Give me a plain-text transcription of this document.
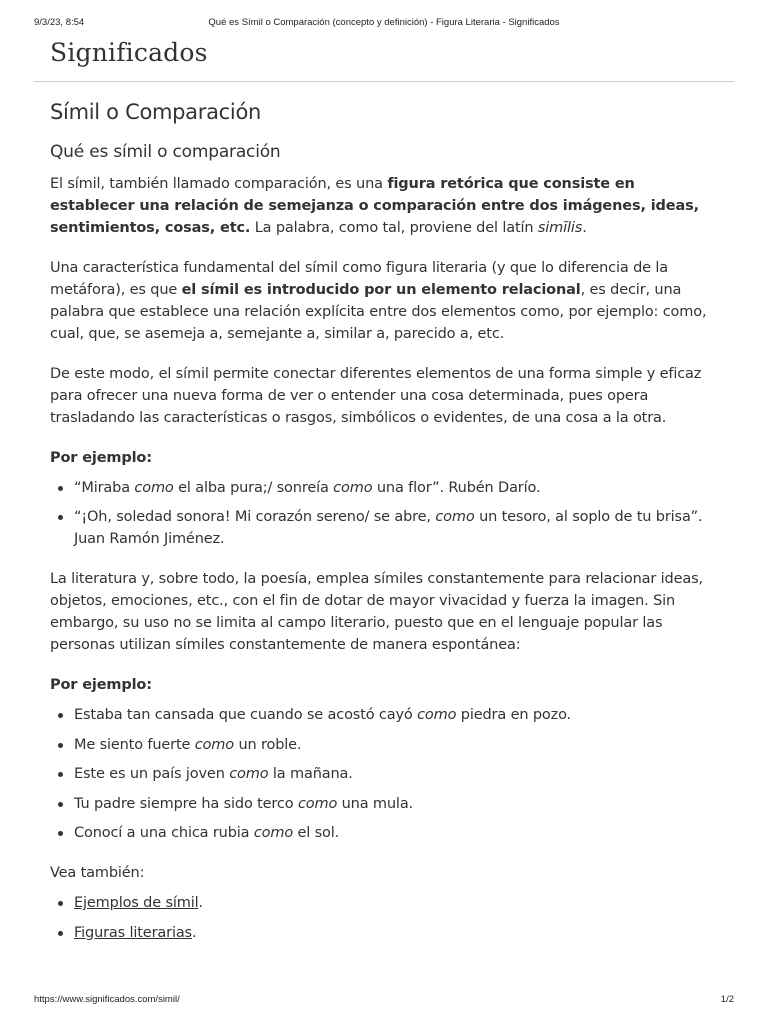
9/3/23, 8:54	Qué es Símil o Comparación (concepto y definición) - Figura Literaria - Significados
Significados
Símil o Comparación
Qué es símil o comparación

El símil, también llamado comparación, es una figura retórica que consiste en establecer una relación de semejanza o comparación entre dos imágenes, ideas, sentimientos, cosas, etc. La palabra, como tal, proviene del latín simĭlis.

Una característica fundamental del símil como figura literaria (y que lo diferencia de la metáfora), es que el símil es introducido por un elemento relacional, es decir, una palabra que establece una relación explícita entre dos elementos como, por ejemplo: como, cual, que, se asemeja a, semejante a, similar a, parecido a, etc.

De este modo, el símil permite conectar diferentes elementos de una forma simple y eficaz para ofrecer una nueva forma de ver o entender una cosa determinada, pues opera trasladando las características o rasgos, simbólicos o evidentes, de una cosa a la otra.

Por ejemplo:

“Miraba como el alba pura;/ sonreía como una flor”. Rubén Darío.
“¡Oh, soledad sonora! Mi corazón sereno/ se abre, como un tesoro, al soplo de tu brisa”. Juan Ramón Jiménez.

La literatura y, sobre todo, la poesía, emplea símiles constantemente para relacionar ideas, objetos, emociones, etc., con el fin de dotar de mayor vivacidad y fuerza la imagen. Sin embargo, su uso no se limita al campo literario, puesto que en el lenguaje popular las personas utilizan símiles constantemente de manera espontánea:

Por ejemplo:

Estaba tan cansada que cuando se acostó cayó como piedra en pozo.
Me siento fuerte como un roble.
Este es un país joven como la mañana.
Tu padre siempre ha sido terco como una mula.
Conocí a una chica rubia como el sol.

Vea también:

Ejemplos de símil.
Figuras literarias.
https://www.significados.com/simil/	1/2
